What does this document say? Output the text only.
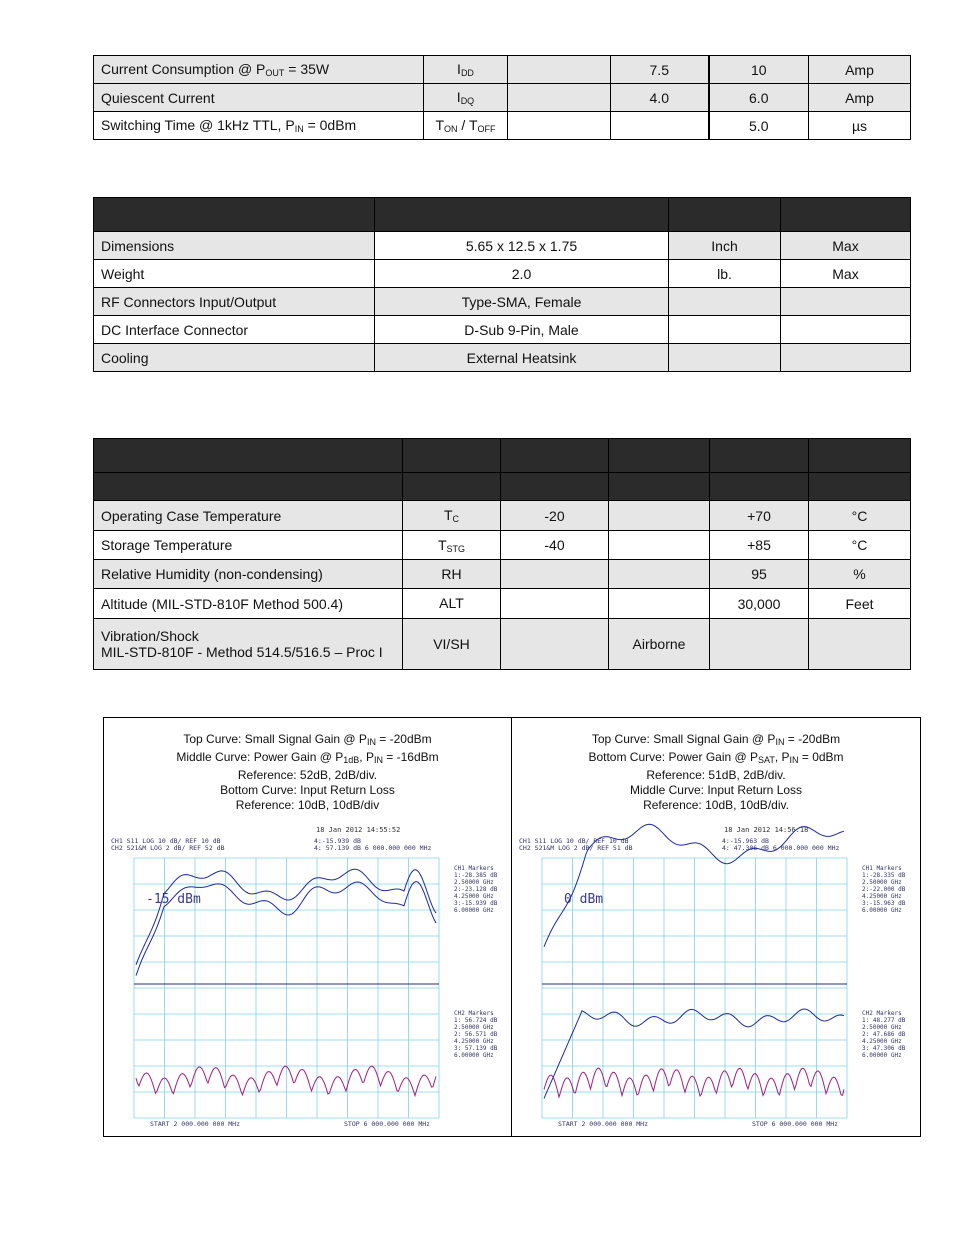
Current Consumption @ $P_{OUT} = 35W$	$I_{DD}$		7.5	10	Amp
Quiescent Current	$I_{DQ}$		4.0	6.0	Amp
Switching Time @ 1kHz TTL, $P_{IN} = 0dBm$	$T_{ON} / T_{OFF}$			5.0	µs

Dimensions	5.65 x 12.5 x 1.75	Inch	Max
Weight	2.0	lb.	Max
RF Connectors Input/Output	Type-SMA, Female		
DC Interface Connector	D-Sub 9-Pin, Male		
Cooling	External Heatsink		

Operating Case Temperature	$T_C$	-20		+70	°C
Storage Temperature	$T_{STG}$	-40		+85	°C
Relative Humidity (non-condensing)	RH			95	%
Altitude (MIL-STD-810F Method 500.4)	ALT			30,000	Feet
Vibration/Shock
MIL-STD-810F - Method 514.5/516.5 – Proc I	VI/SH		Airborne		
Top Curve: Small Signal Gain @ $P_{IN} = -20dBm$
Middle Curve: Power Gain @ $P_{1dB}$, $P_{IN} = -16dBm$
Reference: 52dB, 2dB/div.
Bottom Curve: Input Return Loss
Reference: 10dB, 10dB/div
18 Jan 2012 14:55:52
CH1 S11 LOG 10 dB/ REF 10 dB
CH2 S21&M LOG 2 dB/ REF 52 dB
4:-15.939 dB
4: 57.139 dB 6 000.000 000 MHz
-15 dBm
CH1 Markers
1:-28.385 dB
2.50000 GHz
2:-23.128 dB
4.25000 GHz
3:-15.939 dB
6.00000 GHz
CH2 Markers
1: 56.724 dB
2.50000 GHz
2: 56.571 dB
4.25000 GHz
3: 57.139 dB
6.00000 GHz
START 2 000.000 000 MHz	STOP 6 000.000 000 MHz
Top Curve: Small Signal Gain @ $P_{IN} = -20dBm$
Bottom Curve: Power Gain @ $P_{SAT}$, $P_{IN} = 0dBm$
Reference: 51dB, 2dB/div.
Middle Curve: Input Return Loss
Reference: 10dB, 10dB/div.
18 Jan 2012 14:56:18
CH1 S11 LOG 10 dB/ REF 10 dB
CH2 S21&M LOG 2 dB/ REF 51 dB
4:-15.963 dB
4: 47.306 dB 6 000.000 000 MHz
0 dBm
CH1 Markers
1:-28.335 dB
2.50000 GHz
2:-22.000 dB
4.25000 GHz
3:-15.963 dB
6.00000 GHz
CH2 Markers
1: 48.277 dB
2.50000 GHz
2: 47.686 dB
4.25000 GHz
3: 47.306 dB
6.00000 GHz
START 2 000.000 000 MHz	STOP 6 000.000 000 MHz
